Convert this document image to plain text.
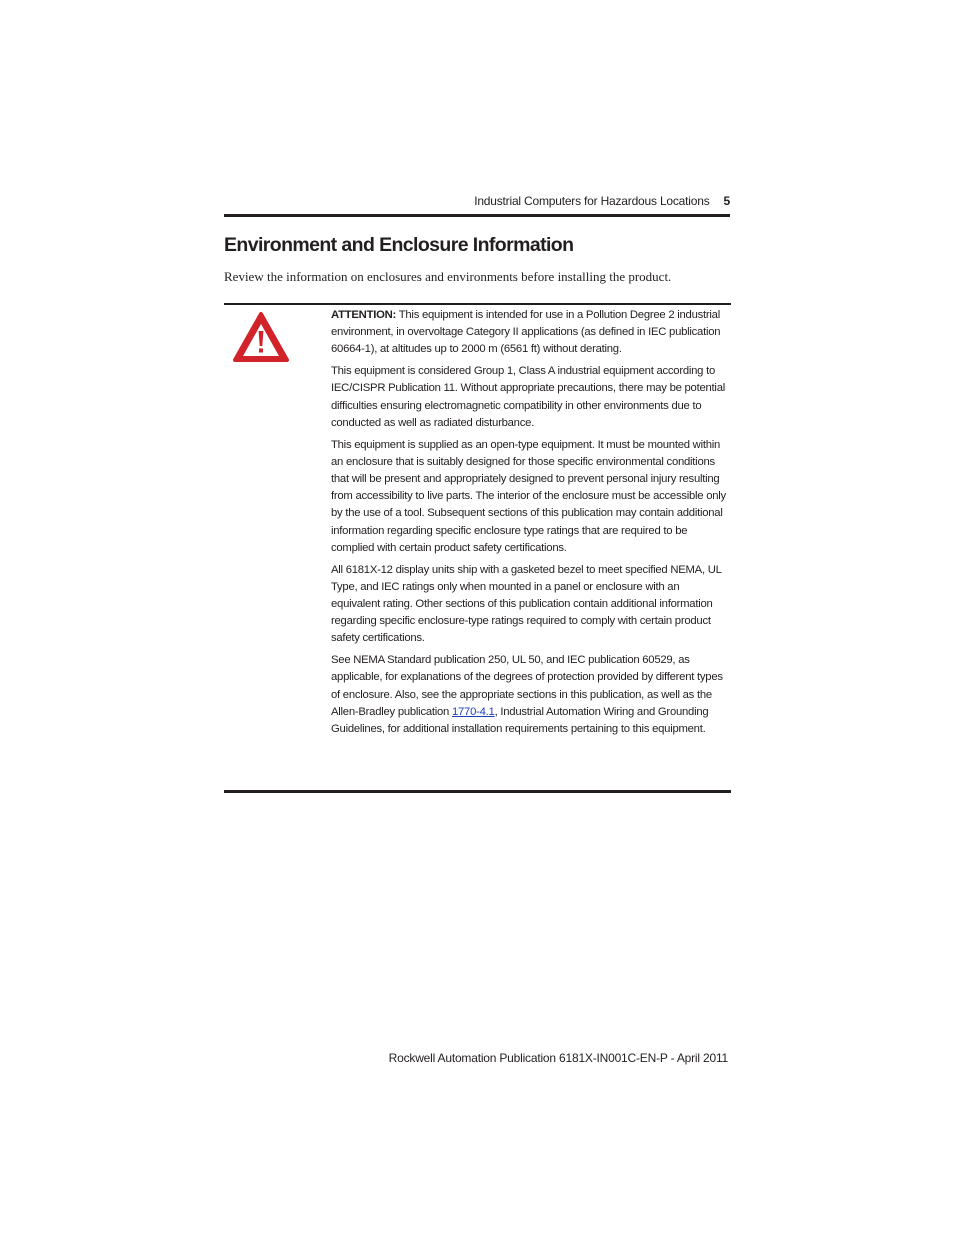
Industrial Computers for Hazardous Locations 5
Environment and Enclosure Information

Review the information on enclosures and environments before installing the product.

ATTENTION: This equipment is intended for use in a Pollution Degree 2 industrial environment, in overvoltage Category II applications (as defined in IEC publication 60664-1), at altitudes up to 2000 m (6561 ft) without derating.

This equipment is considered Group 1, Class A industrial equipment according to IEC/CISPR Publication 11. Without appropriate precautions, there may be potential difficulties ensuring electromagnetic compatibility in other environments due to conducted as well as radiated disturbance.

This equipment is supplied as an open-type equipment. It must be mounted within an enclosure that is suitably designed for those specific environmental conditions that will be present and appropriately designed to prevent personal injury resulting from accessibility to live parts. The interior of the enclosure must be accessible only by the use of a tool. Subsequent sections of this publication may contain additional information regarding specific enclosure type ratings that are required to be complied with certain product safety certifications.

All 6181X-12 display units ship with a gasketed bezel to meet specified NEMA, UL Type, and IEC ratings only when mounted in a panel or enclosure with an equivalent rating. Other sections of this publication contain additional information regarding specific enclosure-type ratings required to comply with certain product safety certifications.

See NEMA Standard publication 250, UL 50, and IEC publication 60529, as applicable, for explanations of the degrees of protection provided by different types of enclosure. Also, see the appropriate sections in this publication, as well as the Allen-Bradley publication 1770-4.1, Industrial Automation Wiring and Grounding Guidelines, for additional installation requirements pertaining to this equipment.

Rockwell Automation Publication 6181X-IN001C-EN-P - April 2011
